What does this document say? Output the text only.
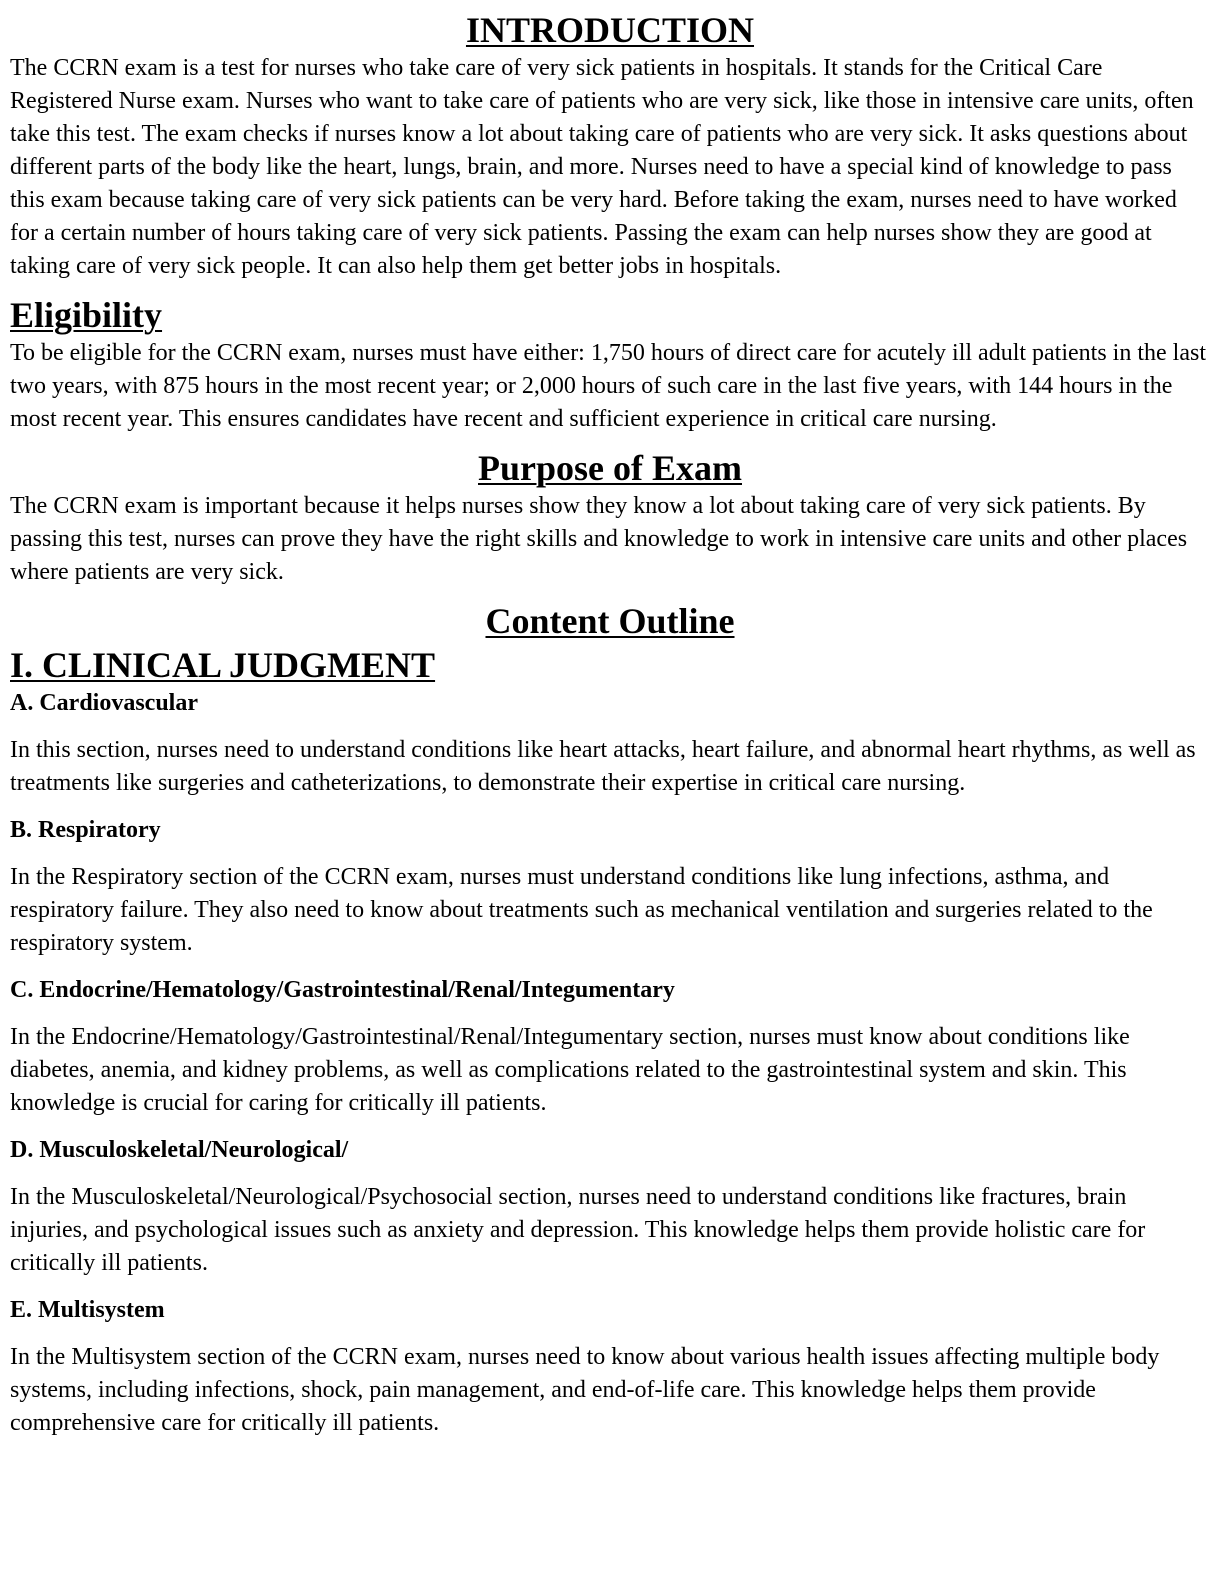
INTRODUCTION

The CCRN exam is a test for nurses who take care of very sick patients in hospitals. It stands for the Critical Care Registered Nurse exam. Nurses who want to take care of patients who are very sick, like those in intensive care units, often take this test. The exam checks if nurses know a lot about taking care of patients who are very sick. It asks questions about different parts of the body like the heart, lungs, brain, and more. Nurses need to have a special kind of knowledge to pass this exam because taking care of very sick patients can be very hard. Before taking the exam, nurses need to have worked for a certain number of hours taking care of very sick patients. Passing the exam can help nurses show they are good at taking care of very sick people. It can also help them get better jobs in hospitals.

Eligibility

To be eligible for the CCRN exam, nurses must have either: 1,750 hours of direct care for acutely ill adult patients in the last two years, with 875 hours in the most recent year; or 2,000 hours of such care in the last five years, with 144 hours in the most recent year. This ensures candidates have recent and sufficient experience in critical care nursing.

Purpose of Exam

The CCRN exam is important because it helps nurses show they know a lot about taking care of very sick patients. By passing this test, nurses can prove they have the right skills and knowledge to work in intensive care units and other places where patients are very sick.

Content Outline
I. CLINICAL JUDGMENT
A. Cardiovascular

In this section, nurses need to understand conditions like heart attacks, heart failure, and abnormal heart rhythms, as well as treatments like surgeries and catheterizations, to demonstrate their expertise in critical care nursing.

B. Respiratory

In the Respiratory section of the CCRN exam, nurses must understand conditions like lung infections, asthma, and respiratory failure. They also need to know about treatments such as mechanical ventilation and surgeries related to the respiratory system.

C. Endocrine/Hematology/Gastrointestinal/Renal/Integumentary

In the Endocrine/Hematology/Gastrointestinal/Renal/Integumentary section, nurses must know about conditions like diabetes, anemia, and kidney problems, as well as complications related to the gastrointestinal system and skin. This knowledge is crucial for caring for critically ill patients.

D. Musculoskeletal/Neurological/

In the Musculoskeletal/Neurological/Psychosocial section, nurses need to understand conditions like fractures, brain injuries, and psychological issues such as anxiety and depression. This knowledge helps them provide holistic care for critically ill patients.

E. Multisystem

In the Multisystem section of the CCRN exam, nurses need to know about various health issues affecting multiple body systems, including infections, shock, pain management, and end-of-life care. This knowledge helps them provide comprehensive care for critically ill patients.
